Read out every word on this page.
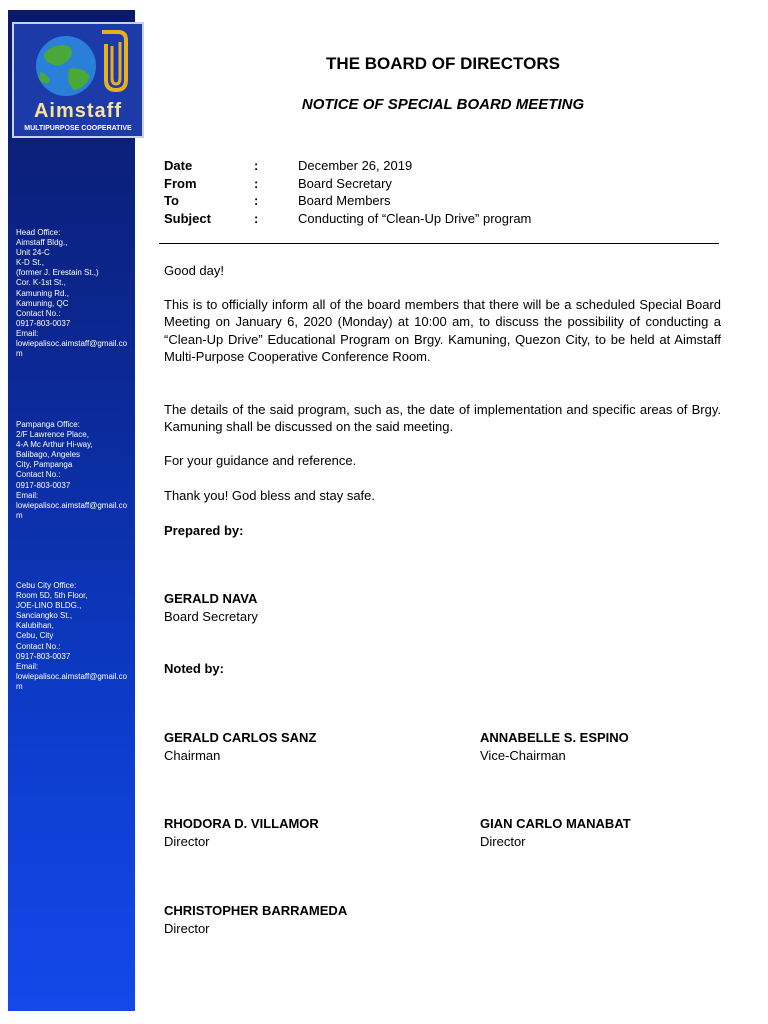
Aimstaff
MULTIPURPOSE COOPERATIVE
Head Office:
Aimstaff Bldg.,
Unit 24-C
K-D St.,
(former J. Erestain St.,)
Cor. K-1st St.,
Kamuning Rd.,
Kamuning, QC
Contact No.:
0917-803-0037
Email:
lowiepalisoc.aimstaff@gmail.com
Pampanga Office:
2/F Lawrence Place,
4-A Mc Arthur Hi-way,
Balibago, Angeles
City, Pampanga
Contact No.:
0917-803-0037
Email:
lowiepalisoc.aimstaff@gmail.com
Cebu City Office:
Room 5D, 5th Floor,
JOE-LINO BLDG.,
Sanciangko St.,
Kalubihan,
Cebu, City
Contact No.:
0917-803-0037
Email:
lowiepalisoc.aimstaff@gmail.com
THE BOARD OF DIRECTORS
NOTICE OF SPECIAL BOARD MEETING
Date	:	December 26, 2019
From	:	Board Secretary
To	:	Board Members
Subject	:	Conducting of “Clean-Up Drive” program
Good day!
This is to officially inform all of the board members that there will be a scheduled Special Board Meeting on January 6, 2020 (Monday) at 10:00 am, to discuss the possibility of conducting a “Clean-Up Drive” Educational Program on Brgy. Kamuning, Quezon City, to be held at Aimstaff Multi-Purpose Cooperative Conference Room.
The details of the said program, such as, the date of implementation and specific areas of Brgy. Kamuning shall be discussed on the said meeting.
For your guidance and reference.
Thank you! God bless and stay safe.
Prepared by:
GERALD NAVA
Board Secretary
Noted by:
GERALD CARLOS SANZ
Chairman
ANNABELLE S. ESPINO
Vice-Chairman
RHODORA D. VILLAMOR
Director
GIAN CARLO MANABAT
Director
CHRISTOPHER BARRAMEDA
Director
